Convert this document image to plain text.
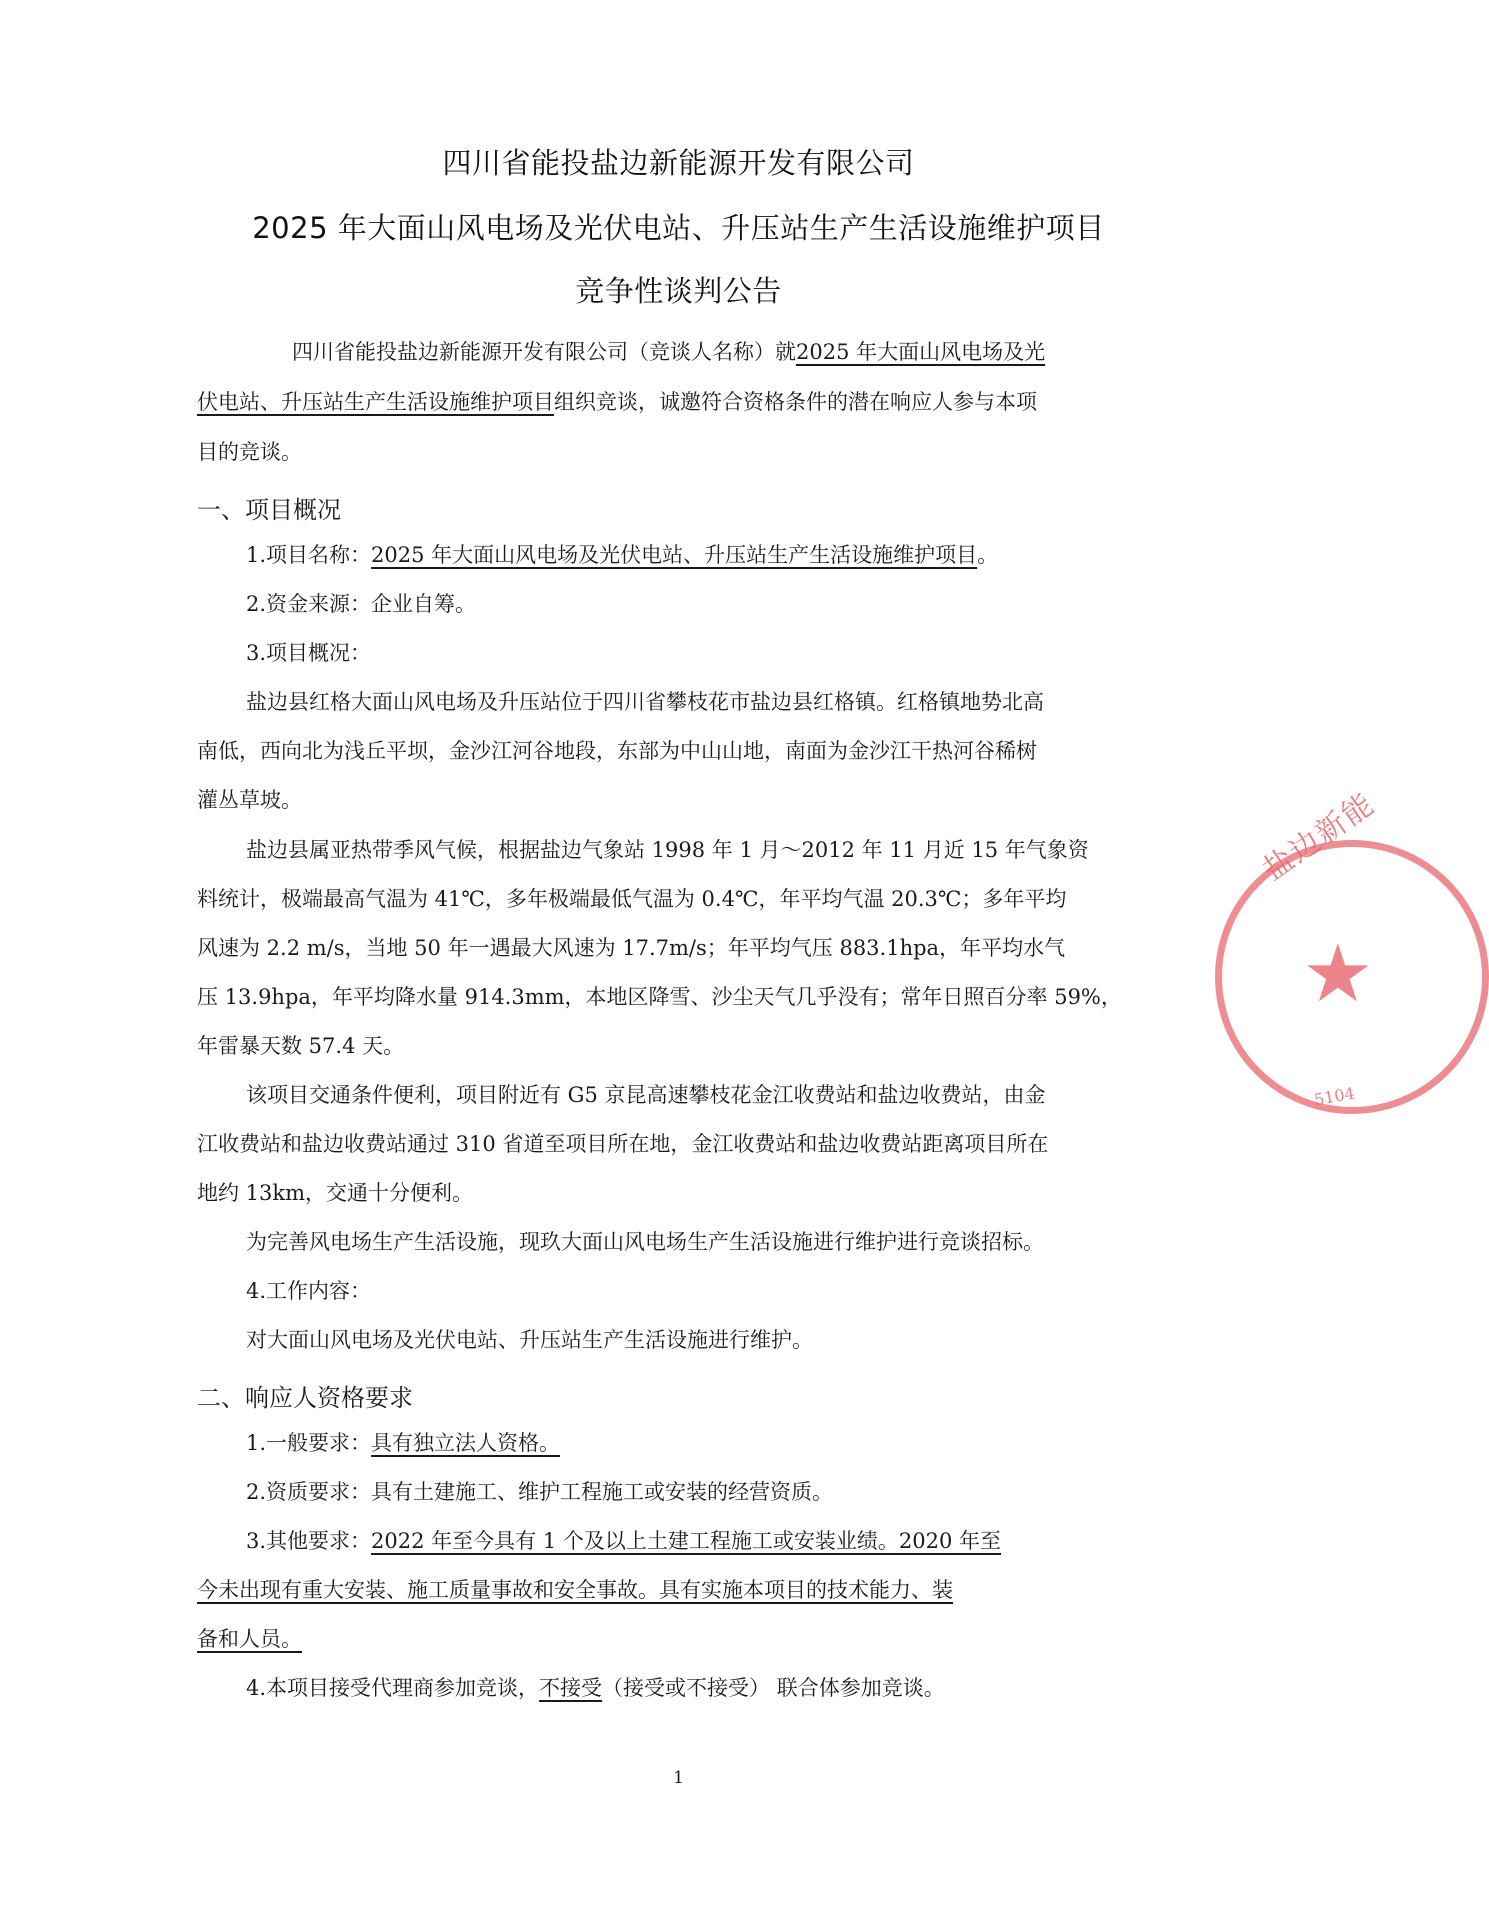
四川省能投盐边新能源开发有限公司
2025 年大面山风电场及光伏电站、升压站生产生活设施维护项目
竞争性谈判公告
四川省能投盐边新能源开发有限公司（竞谈人名称）就2025 年大面山风电场及光
伏电站、升压站生产生活设施维护项目组织竞谈，诚邀符合资格条件的潜在响应人参与本项
目的竞谈。
一、项目概况
1.项目名称：2025 年大面山风电场及光伏电站、升压站生产生活设施维护项目。
2.资金来源：企业自筹。
3.项目概况：
盐边县红格大面山风电场及升压站位于四川省攀枝花市盐边县红格镇。红格镇地势北高
南低，西向北为浅丘平坝，金沙江河谷地段，东部为中山山地，南面为金沙江干热河谷稀树
灌丛草坡。
盐边县属亚热带季风气候，根据盐边气象站 1998 年 1 月～2012 年 11 月近 15 年气象资
料统计，极端最高气温为 41℃，多年极端最低气温为 0.4℃，年平均气温 20.3℃；多年平均
风速为 2.2 m/s，当地 50 年一遇最大风速为 17.7m/s；年平均气压 883.1hpa，年平均水气
压 13.9hpa，年平均降水量 914.3mm，本地区降雪、沙尘天气几乎没有；常年日照百分率 59%，
年雷暴天数 57.4 天。
该项目交通条件便利，项目附近有 G5 京昆高速攀枝花金江收费站和盐边收费站，由金
江收费站和盐边收费站通过 310 省道至项目所在地，金江收费站和盐边收费站距离项目所在
地约 13km，交通十分便利。
为完善风电场生产生活设施，现玖大面山风电场生产生活设施进行维护进行竞谈招标。
4.工作内容：
对大面山风电场及光伏电站、升压站生产生活设施进行维护。
二、响应人资格要求
1.一般要求：具有独立法人资格。
2.资质要求：具有土建施工、维护工程施工或安装的经营资质。
3.其他要求：2022 年至今具有 1 个及以上土建工程施工或安装业绩。2020 年至
今未出现有重大安装、施工质量事故和安全事故。具有实施本项目的技术能力、装
备和人员。
4.本项目接受代理商参加竞谈，不接受（接受或不接受） 联合体参加竞谈。
盐边新能
★
5104
1
